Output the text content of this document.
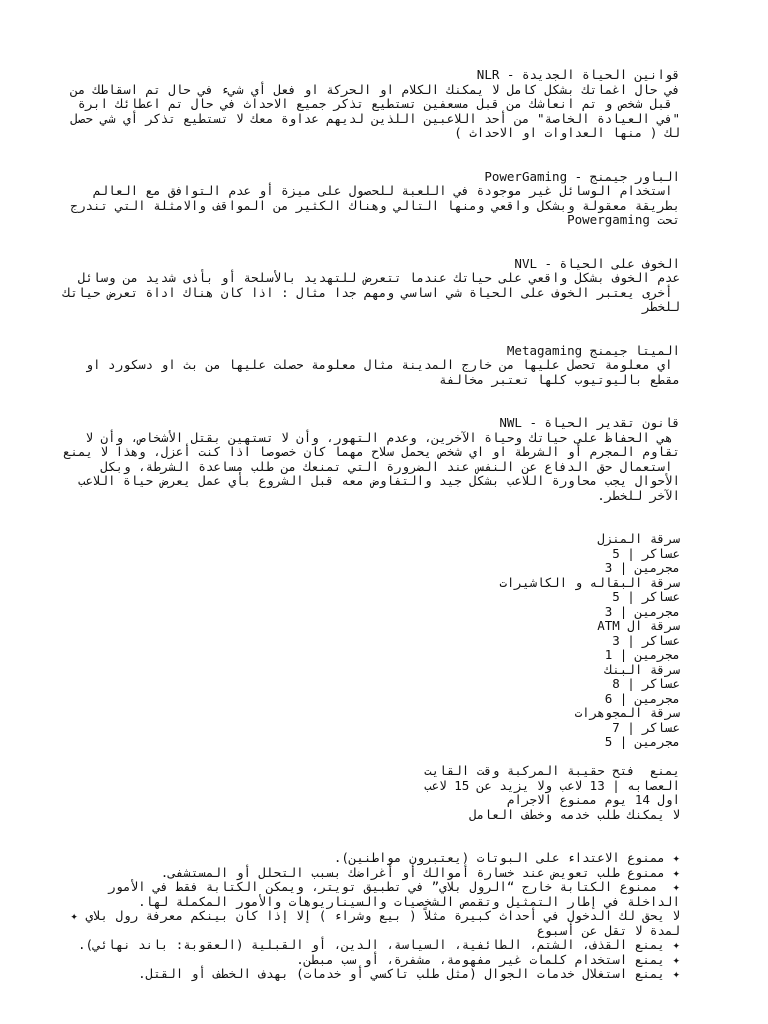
NLR - قوانين الحياة الجديدة
في حال اغماتك بشكل كامل لا يمكنك الكلام او الحركة او فعل أي شيء في حال تم اسقاطك من
قبل شخص و تم انعاشك من قبل مسعفين تستطيع تذكر جميع الاحداث في حال تم اعطائك ابرة
"في العيادة الخاصة" من أحد اللاعبين اللذين لديهم عداوة معك لا تستطيع تذكر أي شي حصل
لك ( منها العداوات او الاحداث )
PowerGaming - الباور جيمنج
استخدام الوسائل غير موجودة في اللعبة للحصول على ميزة أو عدم التوافق مع العالم
بطريقة معقولة وبشكل واقعي ومنها التالي وهناك الكثير من المواقف والامثلة التي تندرج
تحت Powergaming
NVL - الخوف على الحياة
عدم الخوف بشكل واقعي على حياتك عندما تتعرض للتهديد بالأسلحة أو بأذى شديد من وسائل
أخرى يعتبر الخوف على الحياة شي اساسي ومهم جدا مثال : اذا كان هناك اداة تعرض حياتك
للخطر
Metagaming الميتا جيمنج
اي معلومة تحصل عليها من خارج المدينة مثال معلومة حصلت عليها من بث او دسكورد او
مقطع باليوتيوب كلها تعتبر مخالفة
NWL - قانون تقدير الحياة
هي الحفاظ على حياتك وحياة الآخرين، وعدم التهور، وأن لا تستهين بقتل الأشخاص، وأن لا
تقاوم المجرم أو الشرطة او اي شخص يحمل سلاح مهما كان خصوصا اذا كنت أعزل، وهذا لا يمنع
استعمال حق الدفاع عن النفس عند الضرورة التي تمنعك من طلب مساعدة الشرطة، وبكل
الأحوال يجب محاورة اللاعب بشكل جيد والتفاوض معه قبل الشروع بأي عمل يعرض حياة اللاعب
الآخر للخطر.
سرقة المنزل
عساكر | 5
مجرمين | 3
سرقة البقاله و الكاشيرات
عساكر | 5
مجرمين | 3
سرقة ال ATM
عساكر | 3
مجرمين | 1
سرقة البنك
عساكر | 8
مجرمين | 6
سرقة المجوهرات
عساكر | 7
مجرمين | 5
يمنع  فتح حقيبة المركبة وقت القايت
العصابه | 13 لاعب ولا يزيد عن 15 لاعب
اول 14 يوم ممنوع الاجرام
لا يمكنك طلب خدمه وخطف العامل
✦ ممنوع الاعتداء على البوتات (يعتبرون مواطنين).
✦ ممنوع طلب تعويض عند خسارة أموالك أو أغراضك بسبب التحلل أو المستشفى.
✦  ممنوع الكتابة خارج “الرول بلاي” في تطبيق تويتر، ويمكن الكتابة فقط في الأمور
الداخلة في إطار التمثيل وتقمص الشخصيات والسيناريوهات والأمور المكملة لها.
لا يحق لك الدخول في أحداث كبيرة مثلاً ( بيع وشراء ) إلا إذا كان بينكم معرفة رول بلاي ✦
لمدة لا تقل عن أسبوع
✦ يمنع القذف، الشتم، الطائفية، السياسة، الدين، أو القبلية (العقوبة: باند نهائي).
✦ يمنع استخدام كلمات غير مفهومة، مشفرة، أو سب مبطن.
✦ يمنع استغلال خدمات الجوال (مثل طلب تاكسي أو خدمات) بهدف الخطف أو القتل.
